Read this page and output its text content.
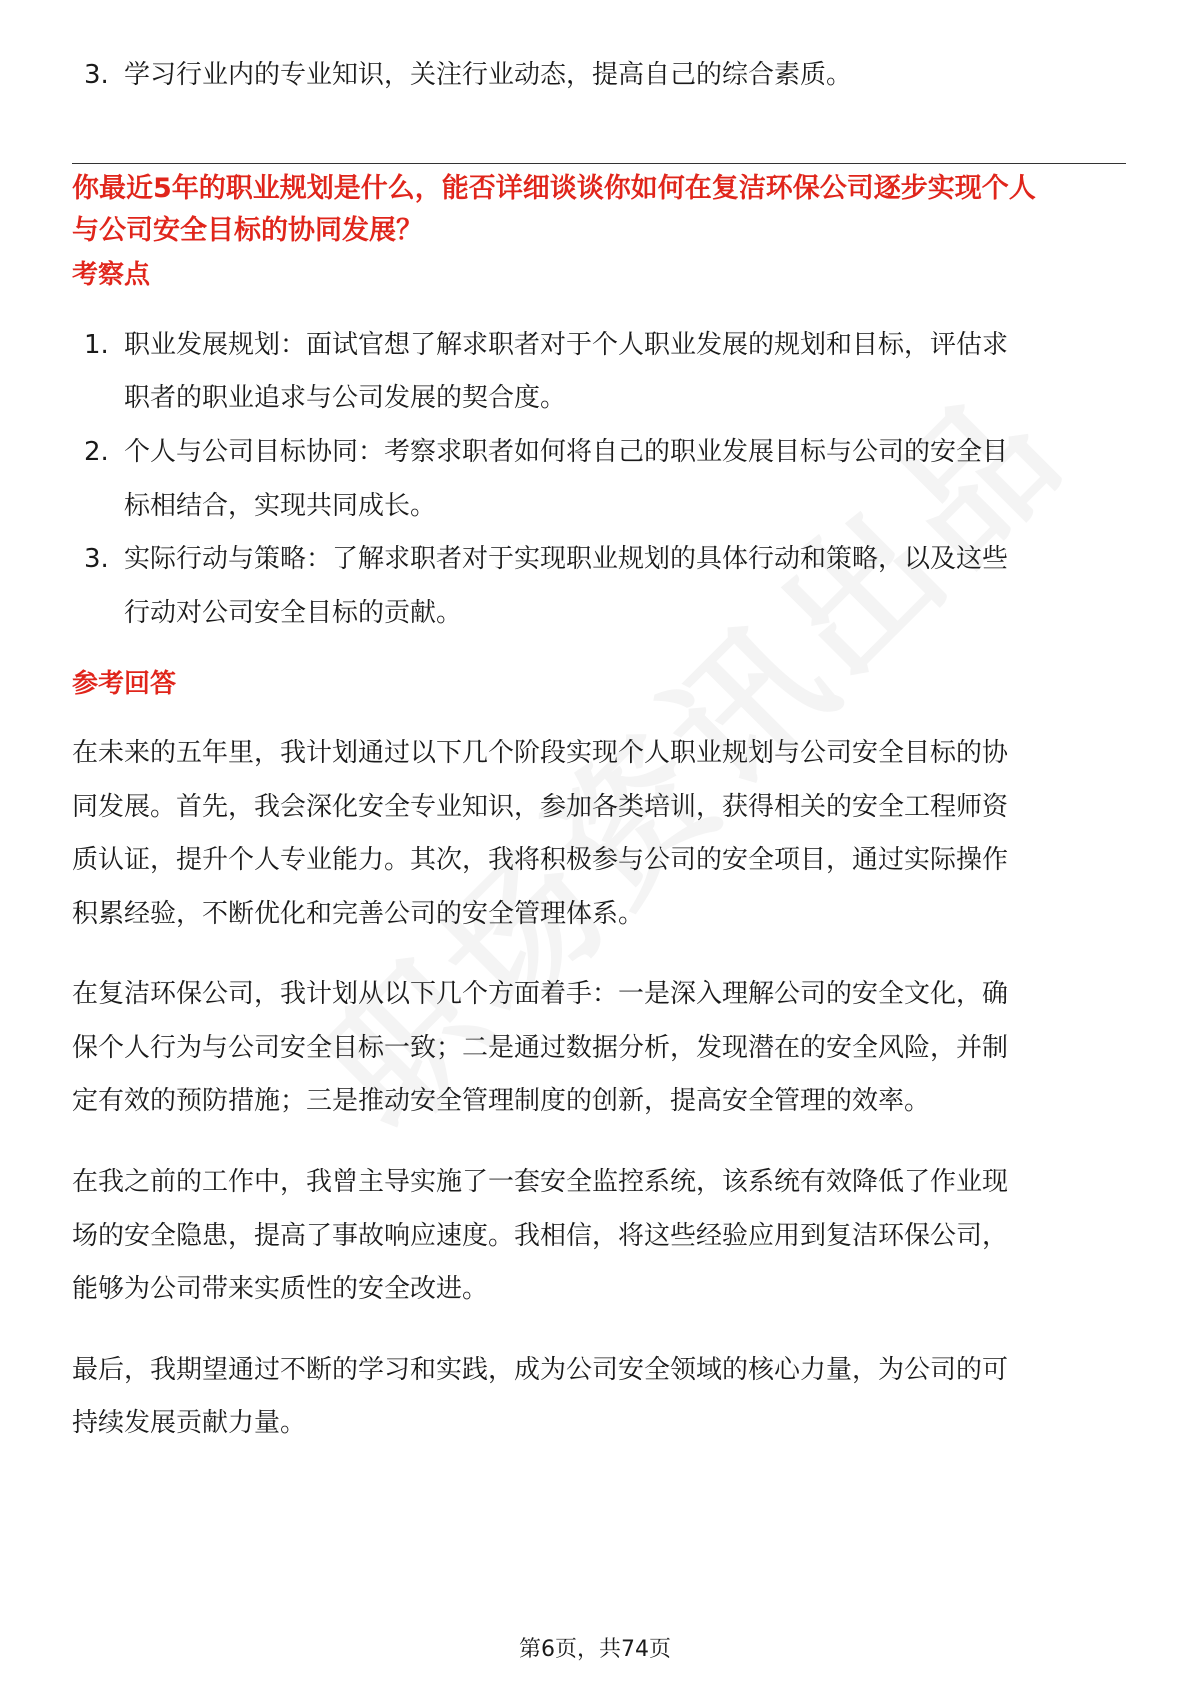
3. 学习行业内的专业知识，关注行业动态，提高自己的综合素质。
你最近5年的职业规划是什么，能否详细谈谈你如何在复洁环保公司逐步实现个人
与公司安全目标的协同发展？
考察点
1. 职业发展规划：面试官想了解求职者对于个人职业发展的规划和目标，评估求
职者的职业追求与公司发展的契合度。
2. 个人与公司目标协同：考察求职者如何将自己的职业发展目标与公司的安全目
标相结合，实现共同成长。
3. 实际行动与策略：了解求职者对于实现职业规划的具体行动和策略，以及这些
行动对公司安全目标的贡献。
参考回答
在未来的五年里，我计划通过以下几个阶段实现个人职业规划与公司安全目标的协
同发展。首先，我会深化安全专业知识，参加各类培训，获得相关的安全工程师资
质认证，提升个人专业能力。其次，我将积极参与公司的安全项目，通过实际操作
积累经验，不断优化和完善公司的安全管理体系。
在复洁环保公司，我计划从以下几个方面着手：一是深入理解公司的安全文化，确
保个人行为与公司安全目标一致；二是通过数据分析，发现潜在的安全风险，并制
定有效的预防措施；三是推动安全管理制度的创新，提高安全管理的效率。
在我之前的工作中，我曾主导实施了一套安全监控系统，该系统有效降低了作业现
场的安全隐患，提高了事故响应速度。我相信，将这些经验应用到复洁环保公司，
能够为公司带来实质性的安全改进。
最后，我期望通过不断的学习和实践，成为公司安全领域的核心力量，为公司的可
持续发展贡献力量。
第6页，共74页
